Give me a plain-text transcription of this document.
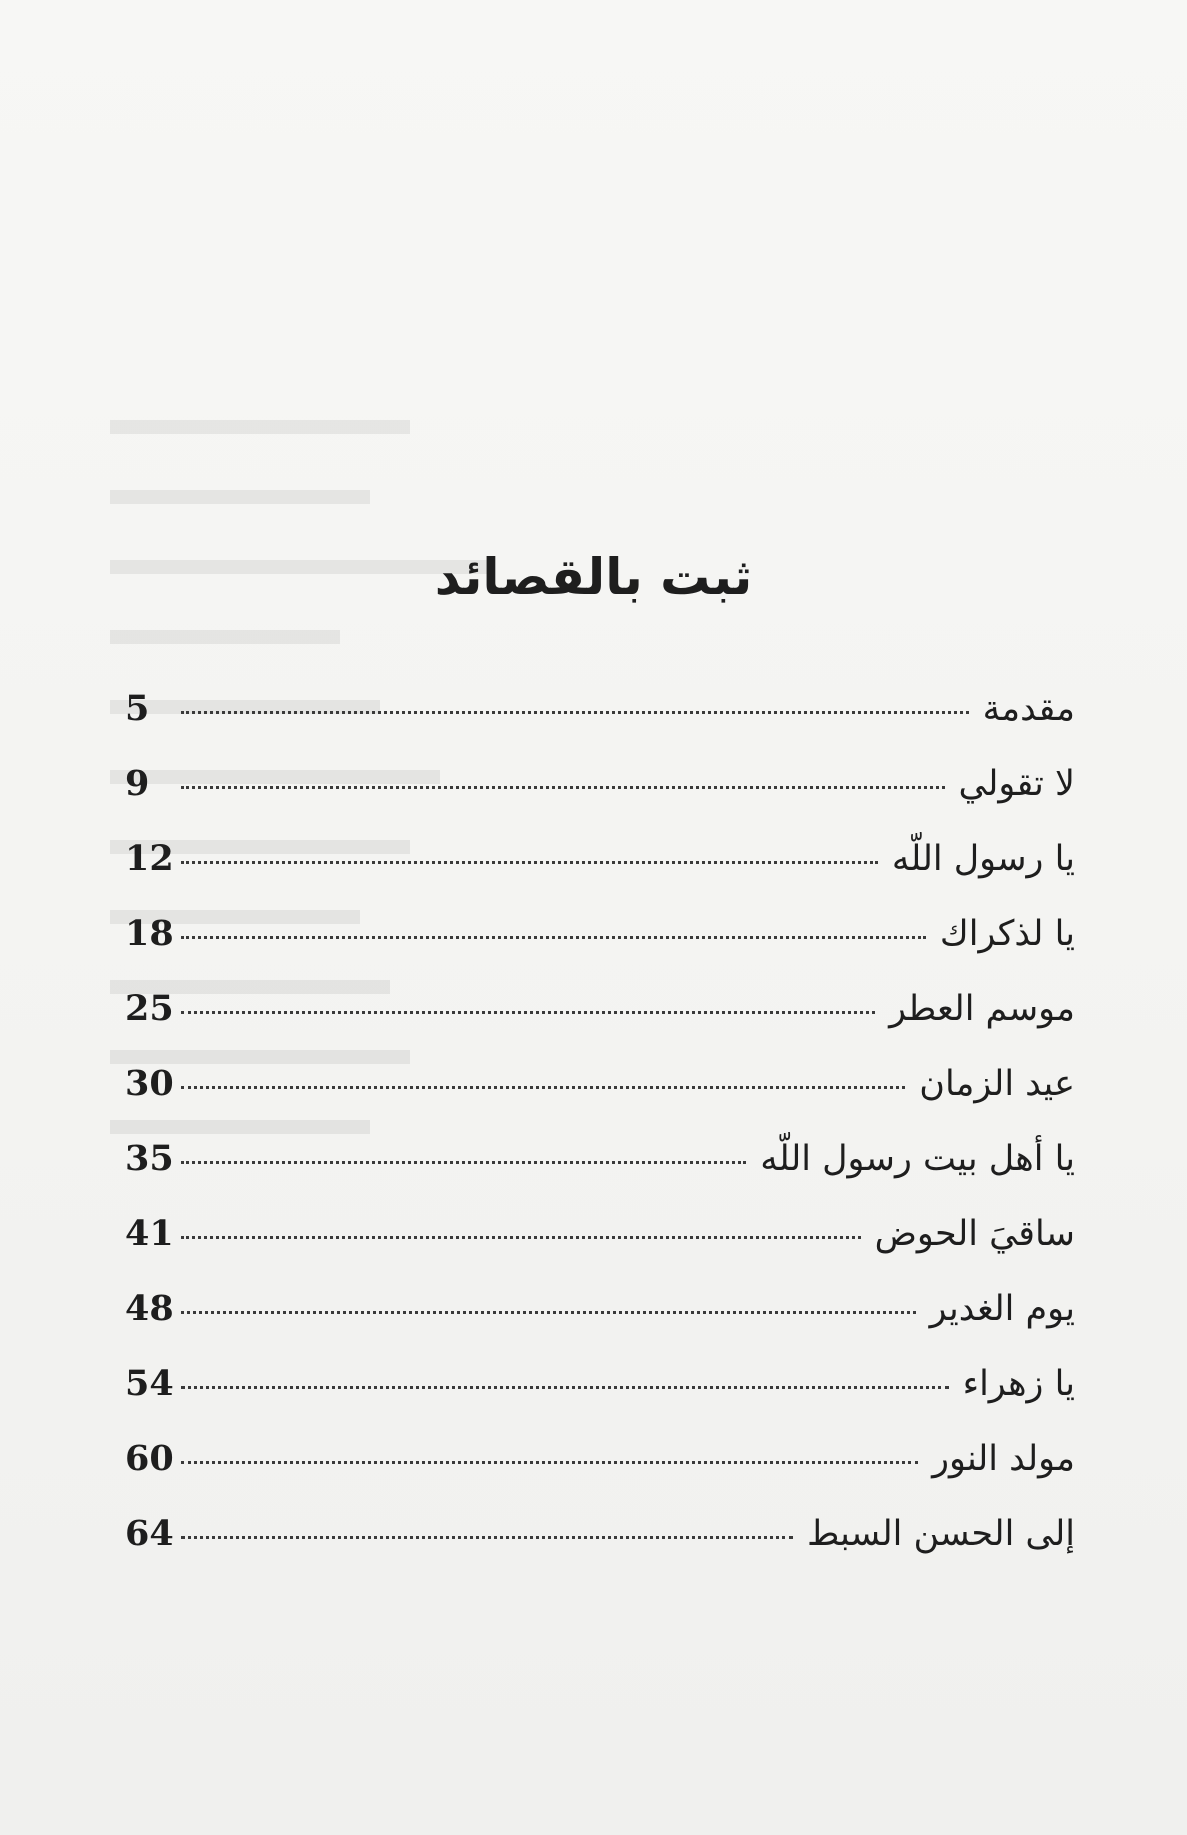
ثبت بالقصائد
5	مقدمة
9	لا تقولي
12	يا رسول اللّه
18	يا لذكراك
25	موسم العطر
30	عيد الزمان
35	يا أهل بيت رسول اللّه
41	ساقيَ الحوض
48	يوم الغدير
54	يا زهراء
60	مولد النور
64	إلى الحسن السبط
